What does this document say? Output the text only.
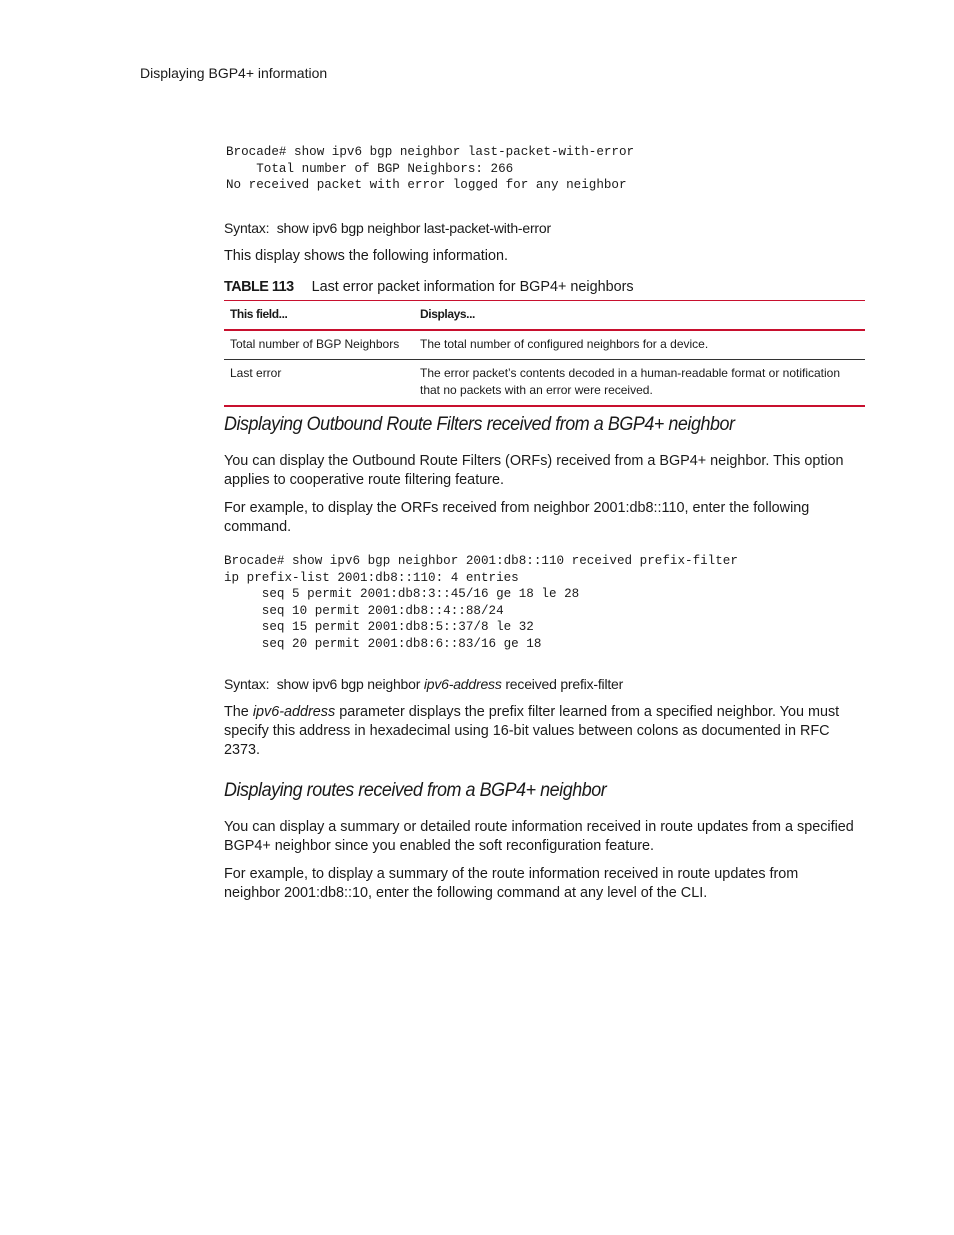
Displaying BGP4+ information
Brocade# show ipv6 bgp neighbor last-packet-with-error
Total number of BGP Neighbors: 266
No received packet with error logged for any neighbor
Syntax: show ipv6 bgp neighbor last-packet-with-error

This display shows the following information.

TABLE 113 Last error packet information for BGP4+ neighbors
This field...	Displays...
Total number of BGP Neighbors	The total number of configured neighbors for a device.
Last error	The error packet’s contents decoded in a human-readable format or notification that no packets with an error were received.
Displaying Outbound Route Filters received from a BGP4+ neighbor

You can display the Outbound Route Filters (ORFs) received from a BGP4+ neighbor. This option applies to cooperative route filtering feature.

For example, to display the ORFs received from neighbor 2001:db8::110, enter the following command.

Brocade# show ipv6 bgp neighbor 2001:db8::110 received prefix-filter
ip prefix-list 2001:db8::110: 4 entries
seq 5 permit 2001:db8:3::45/16 ge 18 le 28
seq 10 permit 2001:db8::4::88/24
seq 15 permit 2001:db8:5::37/8 le 32
seq 20 permit 2001:db8:6::83/16 ge 18
Syntax: show ipv6 bgp neighbor ipv6-address received prefix-filter

The ipv6-address parameter displays the prefix filter learned from a specified neighbor. You must specify this address in hexadecimal using 16-bit values between colons as documented in RFC 2373.

Displaying routes received from a BGP4+ neighbor

You can display a summary or detailed route information received in route updates from a specified BGP4+ neighbor since you enabled the soft reconfiguration feature.

For example, to display a summary of the route information received in route updates from neighbor 2001:db8::10, enter the following command at any level of the CLI.
